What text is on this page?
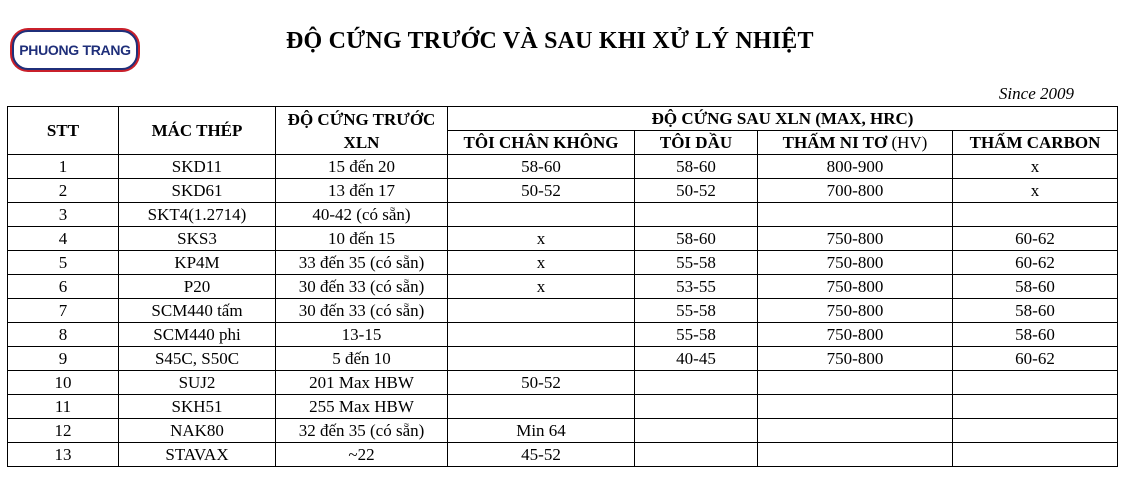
PHUONG TRANG	ĐỘ CỨNG TRƯỚC VÀ SAU KHI XỬ LÝ NHIỆT
Since 2009
STT	MÁC THÉP	ĐỘ CỨNG TRƯỚC XLN	ĐỘ CỨNG SAU XLN (MAX, HRC)			
			TÔI CHÂN KHÔNG	TÔI DẦU	THẤM NI TƠ (HV)	THẤM CARBON
1	SKD11	15 đến 20	58-60	58-60	800-900	x
2	SKD61	13 đến 17	50-52	50-52	700-800	x
3	SKT4(1.2714)	40-42 (có sẵn)				
4	SKS3	10 đến 15	x	58-60	750-800	60-62
5	KP4M	33 đến 35 (có sẵn)	x	55-58	750-800	60-62
6	P20	30 đến 33 (có sẵn)	x	53-55	750-800	58-60
7	SCM440 tấm	30 đến 33 (có sẵn)		55-58	750-800	58-60
8	SCM440 phi	13-15		55-58	750-800	58-60
9	S45C, S50C	5 đến 10		40-45	750-800	60-62
10	SUJ2	201 Max HBW	50-52			
11	SKH51	255 Max HBW				
12	NAK80	32 đến 35 (có sẵn)	Min 64			
13	STAVAX	~22	45-52			
